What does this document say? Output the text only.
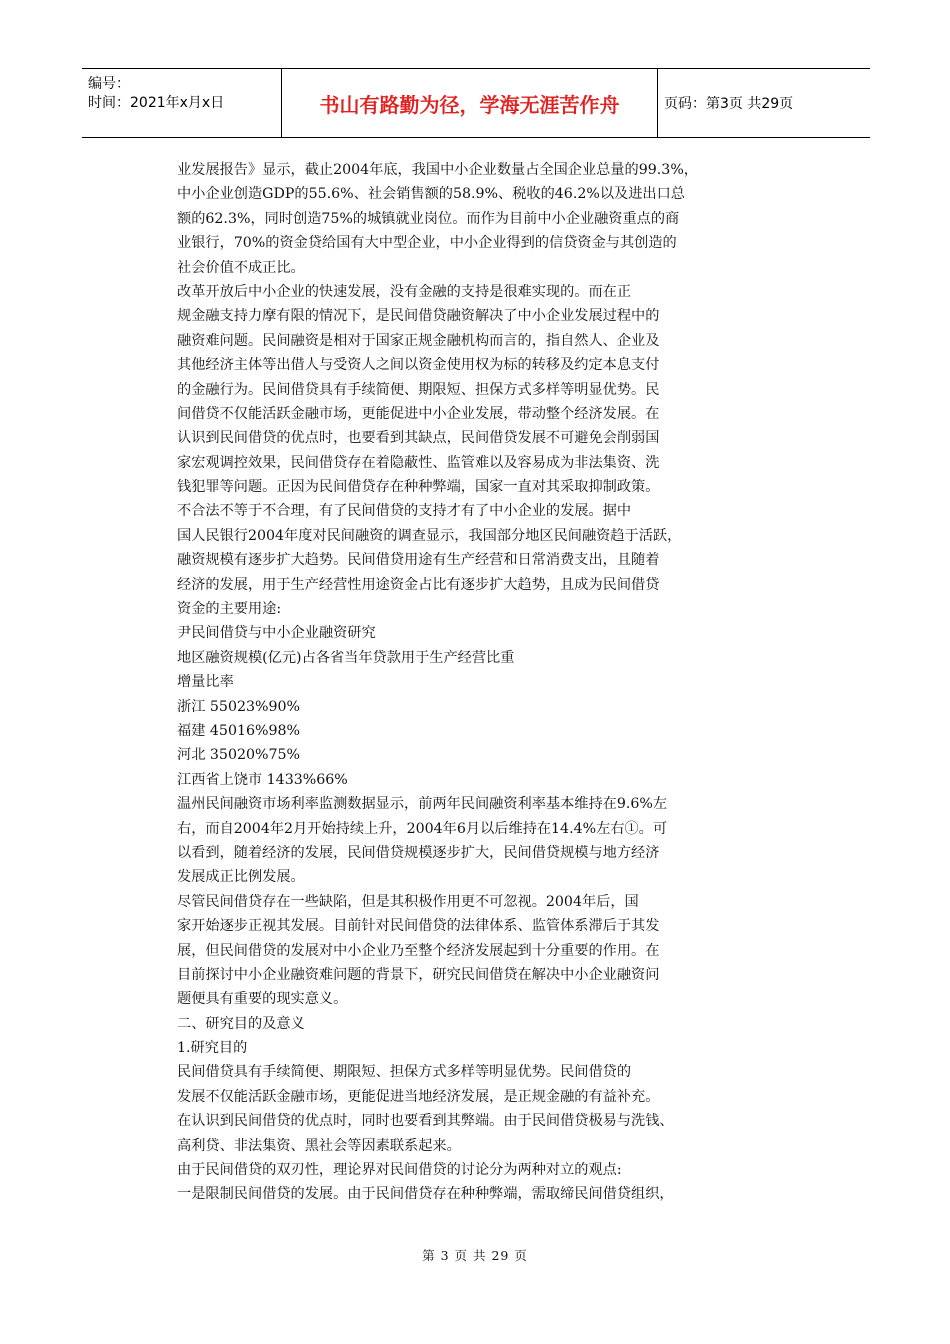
编号：
时间：2021年x月x日	书山有路勤为径，学海无涯苦作舟	页码：第3页 共29页
业发展报告》显示，截止2004年底，我国中小企业数量占全国企业总量的99.3%，
中小企业创造GDP的55.6%、社会销售额的58.9%、税收的46.2%以及进出口总
额的62.3%，同时创造75%的城镇就业岗位。而作为目前中小企业融资重点的商
业银行，70%的资金贷给国有大中型企业，中小企业得到的信贷资金与其创造的
社会价值不成正比。
改革开放后中小企业的快速发展，没有金融的支持是很难实现的。而在正
规金融支持力摩有限的情况下，是民间借贷融资解决了中小企业发展过程中的
融资难问题。民间融资是相对于国家正规金融机构而言的，指自然人、企业及
其他经济主体等出借人与受资人之间以资金使用权为标的转移及约定本息支付
的金融行为。民间借贷具有手续简便、期限短、担保方式多样等明显优势。民
间借贷不仅能活跃金融市场，更能促进中小企业发展，带动整个经济发展。在
认识到民间借贷的优点时，也要看到其缺点，民间借贷发展不可避免会削弱国
家宏观调控效果，民间借贷存在着隐蔽性、监管难以及容易成为非法集资、洗
钱犯罪等问题。正因为民间借贷存在种种弊端，国家一直对其采取抑制政策。
不合法不等于不合理，有了民间借贷的支持才有了中小企业的发展。据中
国人民银行2004年度对民间融资的调查显示，我国部分地区民间融资趋于活跃，
融资规模有逐步扩大趋势。民间借贷用途有生产经营和日常消费支出，且随着
经济的发展，用于生产经营性用途资金占比有逐步扩大趋势，且成为民间借贷
资金的主要用途:
尹民间借贷与中小企业融资研究
地区融资规模(亿元)占各省当年贷款用于生产经营比重
增量比率
浙江 55023%90%
福建 45016%98%
河北 35020%75%
江西省上饶市 1433%66%
温州民间融资市场利率监测数据显示，前两年民间融资利率基本维持在9.6%左
右，而自2004年2月开始持续上升，2004年6月以后维持在14.4%左右①。可
以看到，随着经济的发展，民间借贷规模逐步扩大，民间借贷规模与地方经济
发展成正比例发展。
尽管民间借贷存在一些缺陷，但是其积极作用更不可忽视。2004年后，国
家开始逐步正视其发展。目前针对民间借贷的法律体系、监管体系滞后于其发
展，但民间借贷的发展对中小企业乃至整个经济发展起到十分重要的作用。在
目前探讨中小企业融资难问题的背景下，研究民间借贷在解决中小企业融资问
题便具有重要的现实意义。
二、研究目的及意义
1.研究目的
民间借贷具有手续简便、期限短、担保方式多样等明显优势。民间借贷的
发展不仅能活跃金融市场，更能促进当地经济发展，是正规金融的有益补充。
在认识到民间借贷的优点时，同时也要看到其弊端。由于民间借贷极易与洗钱、
高利贷、非法集资、黑社会等因素联系起来。
由于民间借贷的双刃性，理论界对民间借贷的讨论分为两种对立的观点:
一是限制民间借贷的发展。由于民间借贷存在种种弊端，需取缔民间借贷组织，
第 3 页 共 29 页
